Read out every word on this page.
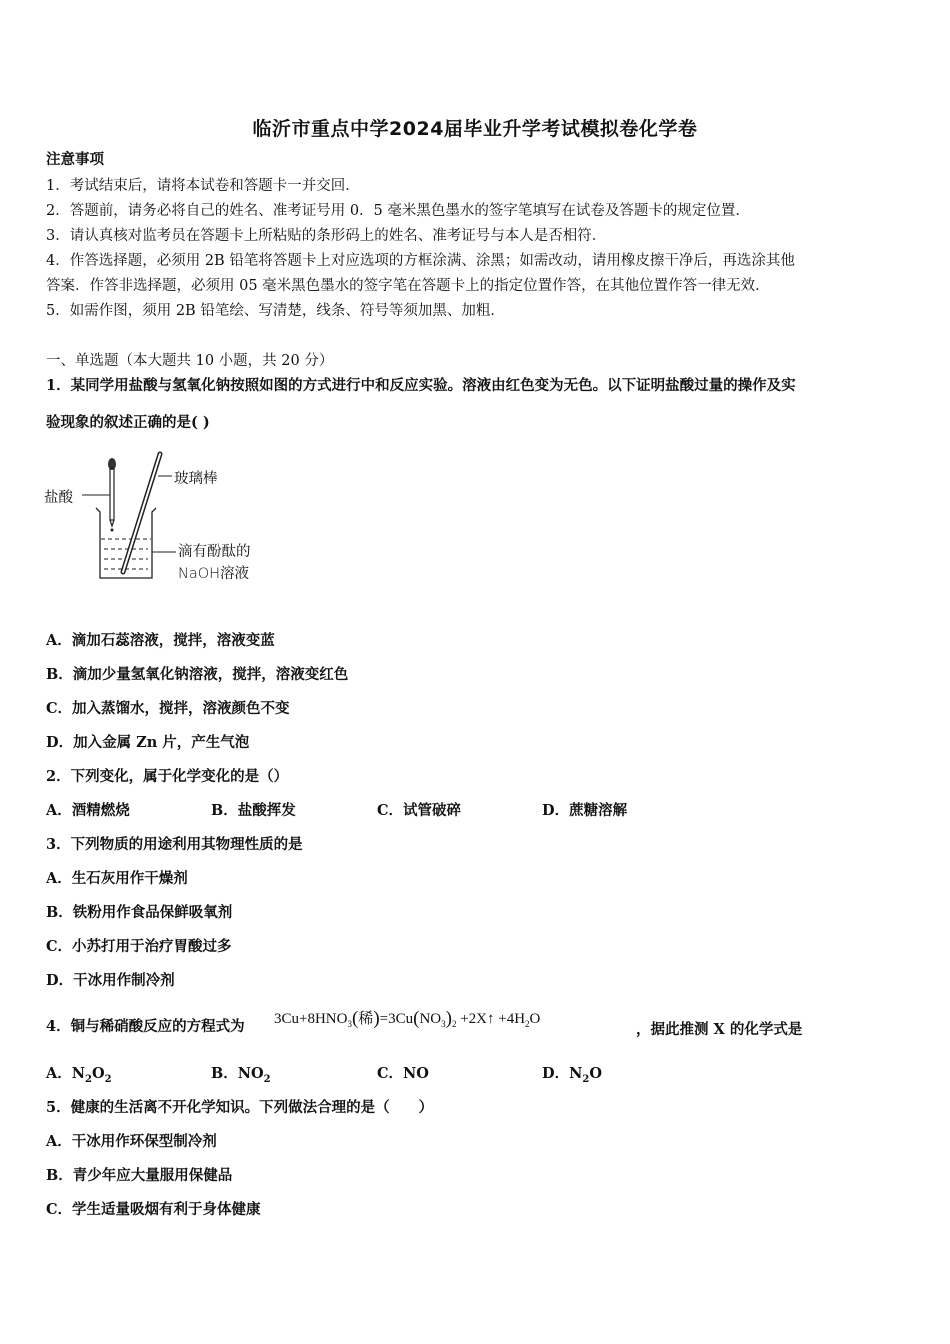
临沂市重点中学2024届毕业升学考试模拟卷化学卷
注意事项
1．考试结束后，请将本试卷和答题卡一并交回．
2．答题前，请务必将自己的姓名、准考证号用 0．5 毫米黑色墨水的签字笔填写在试卷及答题卡的规定位置．
3．请认真核对监考员在答题卡上所粘贴的条形码上的姓名、准考证号与本人是否相符．
4．作答选择题，必须用 2B 铅笔将答题卡上对应选项的方框涂满、涂黑；如需改动，请用橡皮擦干净后，再选涂其他
答案．作答非选择题，必须用 05 毫米黑色墨水的签字笔在答题卡上的指定位置作答，在其他位置作答一律无效．
5．如需作图，须用 2B 铅笔绘、写清楚，线条、符号等须加黑、加粗．
一、单选题（本大题共 10 小题，共 20 分）
1．某同学用盐酸与氢氧化钠按照如图的方式进行中和反应实验。溶液由红色变为无色。以下证明盐酸过量的操作及实
验现象的叙述正确的是( )
盐酸
玻璃棒
滴有酚酞的
NaOH溶液
A．滴加石蕊溶液，搅拌，溶液变蓝
B．滴加少量氢氧化钠溶液，搅拌，溶液变红色
C．加入蒸馏水，搅拌，溶液颜色不变
D．加入金属 Zn 片，产生气泡
2．下列变化，属于化学变化的是（）
A．酒精燃烧	B．盐酸挥发	C．试管破碎	D．蔗糖溶解
3．下列物质的用途利用其物理性质的是
A．生石灰用作干燥剂
B．铁粉用作食品保鲜吸氧剂
C．小苏打用于治疗胃酸过多
D．干冰用作制冷剂
4．铜与稀硝酸反应的方程式为 $3Cu+8HNO_3$(稀)$=3Cu(NO_3)_2$ +2X↑ $+4H_2O$
，据此推测 X 的化学式是
A．$N_2O_2$	B．$NO_2$	C．NO	D．$N_2O$
5．健康的生活离不开化学知识。下列做法合理的是（　　）
A．干冰用作环保型制冷剂
B．青少年应大量服用保健品
C．学生适量吸烟有利于身体健康
